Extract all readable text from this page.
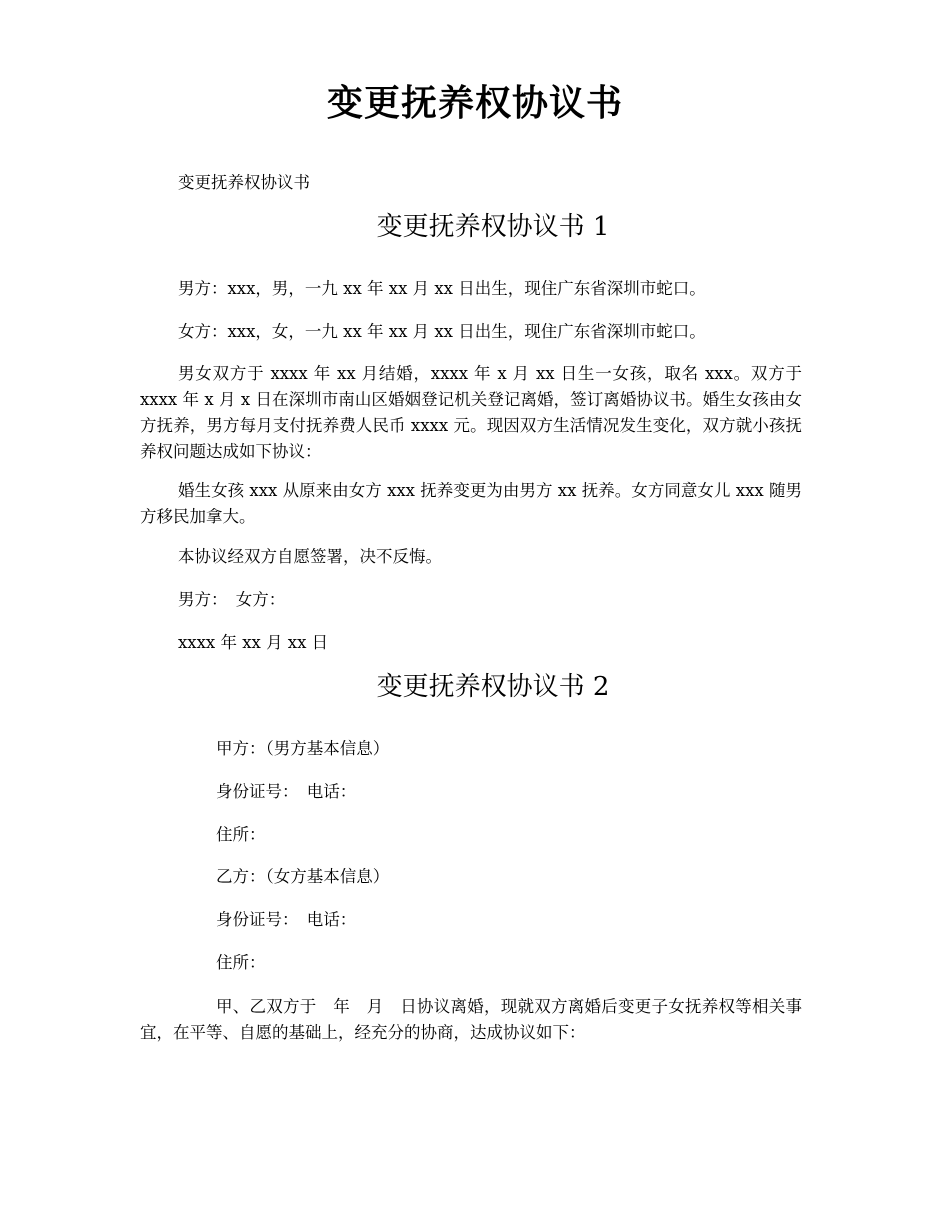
变更抚养权协议书
变更抚养权协议书
变更抚养权协议书 1
男方：xxx，男，一九 xx 年 xx 月 xx 日出生，现住广东省深圳市蛇口。
女方：xxx，女，一九 xx 年 xx 月 xx 日出生，现住广东省深圳市蛇口。
男女双方于 xxxx 年 xx 月结婚，xxxx 年 x 月 xx 日生一女孩，取名 xxx。双方于 xxxx 年 x 月 x 日在深圳市南山区婚姻登记机关登记离婚，签订离婚协议书。婚生女孩由女方抚养，男方每月支付抚养费人民币 xxxx 元。现因双方生活情况发生变化，双方就小孩抚养权问题达成如下协议：
婚生女孩 xxx 从原来由女方 xxx 抚养变更为由男方 xx 抚养。女方同意女儿 xxx 随男方移民加拿大。
本协议经双方自愿签署，决不反悔。
男方：　女方：
xxxx 年 xx 月 xx 日
变更抚养权协议书 2
甲方：（男方基本信息）
身份证号：　电话：
住所：
乙方：（女方基本信息）
身份证号：　电话：
住所：
甲、乙双方于　年　月　日协议离婚，现就双方离婚后变更子女抚养权等相关事宜，在平等、自愿的基础上，经充分的协商，达成协议如下：
